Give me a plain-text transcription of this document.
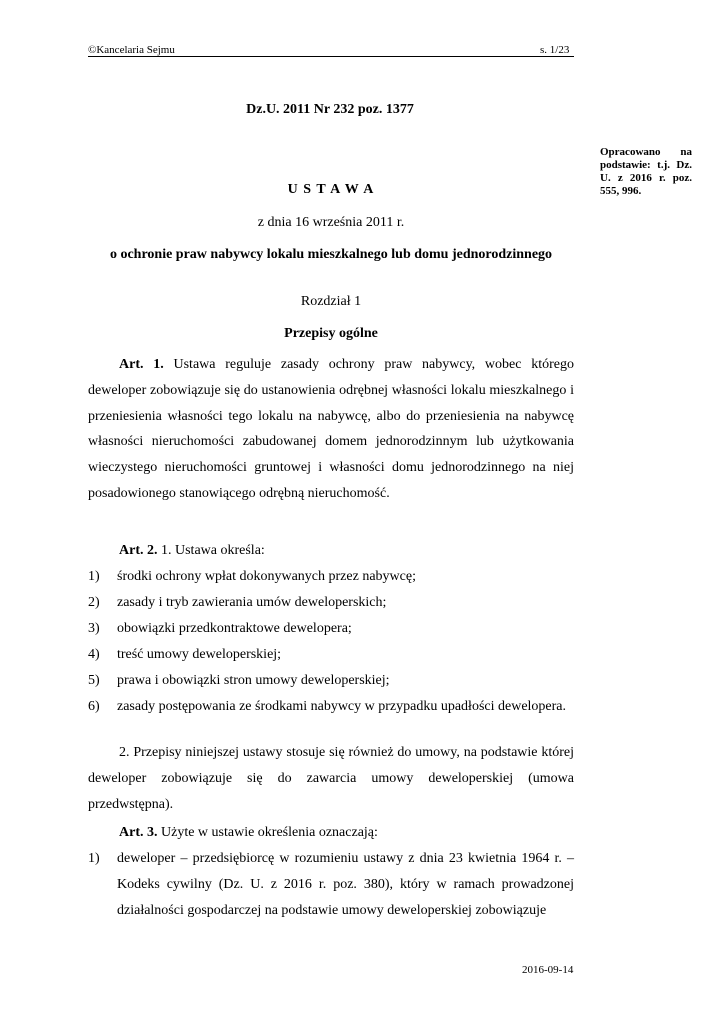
©Kancelaria Sejmu	s. 1/23
Dz.U. 2011 Nr 232 poz. 1377
Opracowano na podstawie: t.j. Dz. U. z 2016 r. poz. 555, 996.
U S T A W A
z dnia 16 września 2011 r.
o ochronie praw nabywcy lokalu mieszkalnego lub domu jednorodzinnego
Rozdział 1
Przepisy ogólne

Art. 1. Ustawa reguluje zasady ochrony praw nabywcy, wobec którego deweloper zobowiązuje się do ustanowienia odrębnej własności lokalu mieszkalnego i przeniesienia własności tego lokalu na nabywcę, albo do przeniesienia na nabywcę własności nieruchomości zabudowanej domem jednorodzinnym lub użytkowania wieczystego nieruchomości gruntowej i własności domu jednorodzinnego na niej posadowionego stanowiącego odrębną nieruchomość.

Art. 2. 1. Ustawa określa:

1) środki ochrony wpłat dokonywanych przez nabywcę;
2) zasady i tryb zawierania umów deweloperskich;
3) obowiązki przedkontraktowe dewelopera;
4) treść umowy deweloperskiej;
5) prawa i obowiązki stron umowy deweloperskiej;
6) zasady postępowania ze środkami nabywcy w przypadku upadłości dewelopera.

2. Przepisy niniejszej ustawy stosuje się również do umowy, na podstawie której deweloper zobowiązuje się do zawarcia umowy deweloperskiej (umowa przedwstępna).

Art. 3. Użyte w ustawie określenia oznaczają:

1) deweloper – przedsiębiorcę w rozumieniu ustawy z dnia 23 kwietnia 1964 r. – Kodeks cywilny (Dz. U. z 2016 r. poz. 380), który w ramach prowadzonej działalności gospodarczej na podstawie umowy deweloperskiej zobowiązuje
2016-09-14
